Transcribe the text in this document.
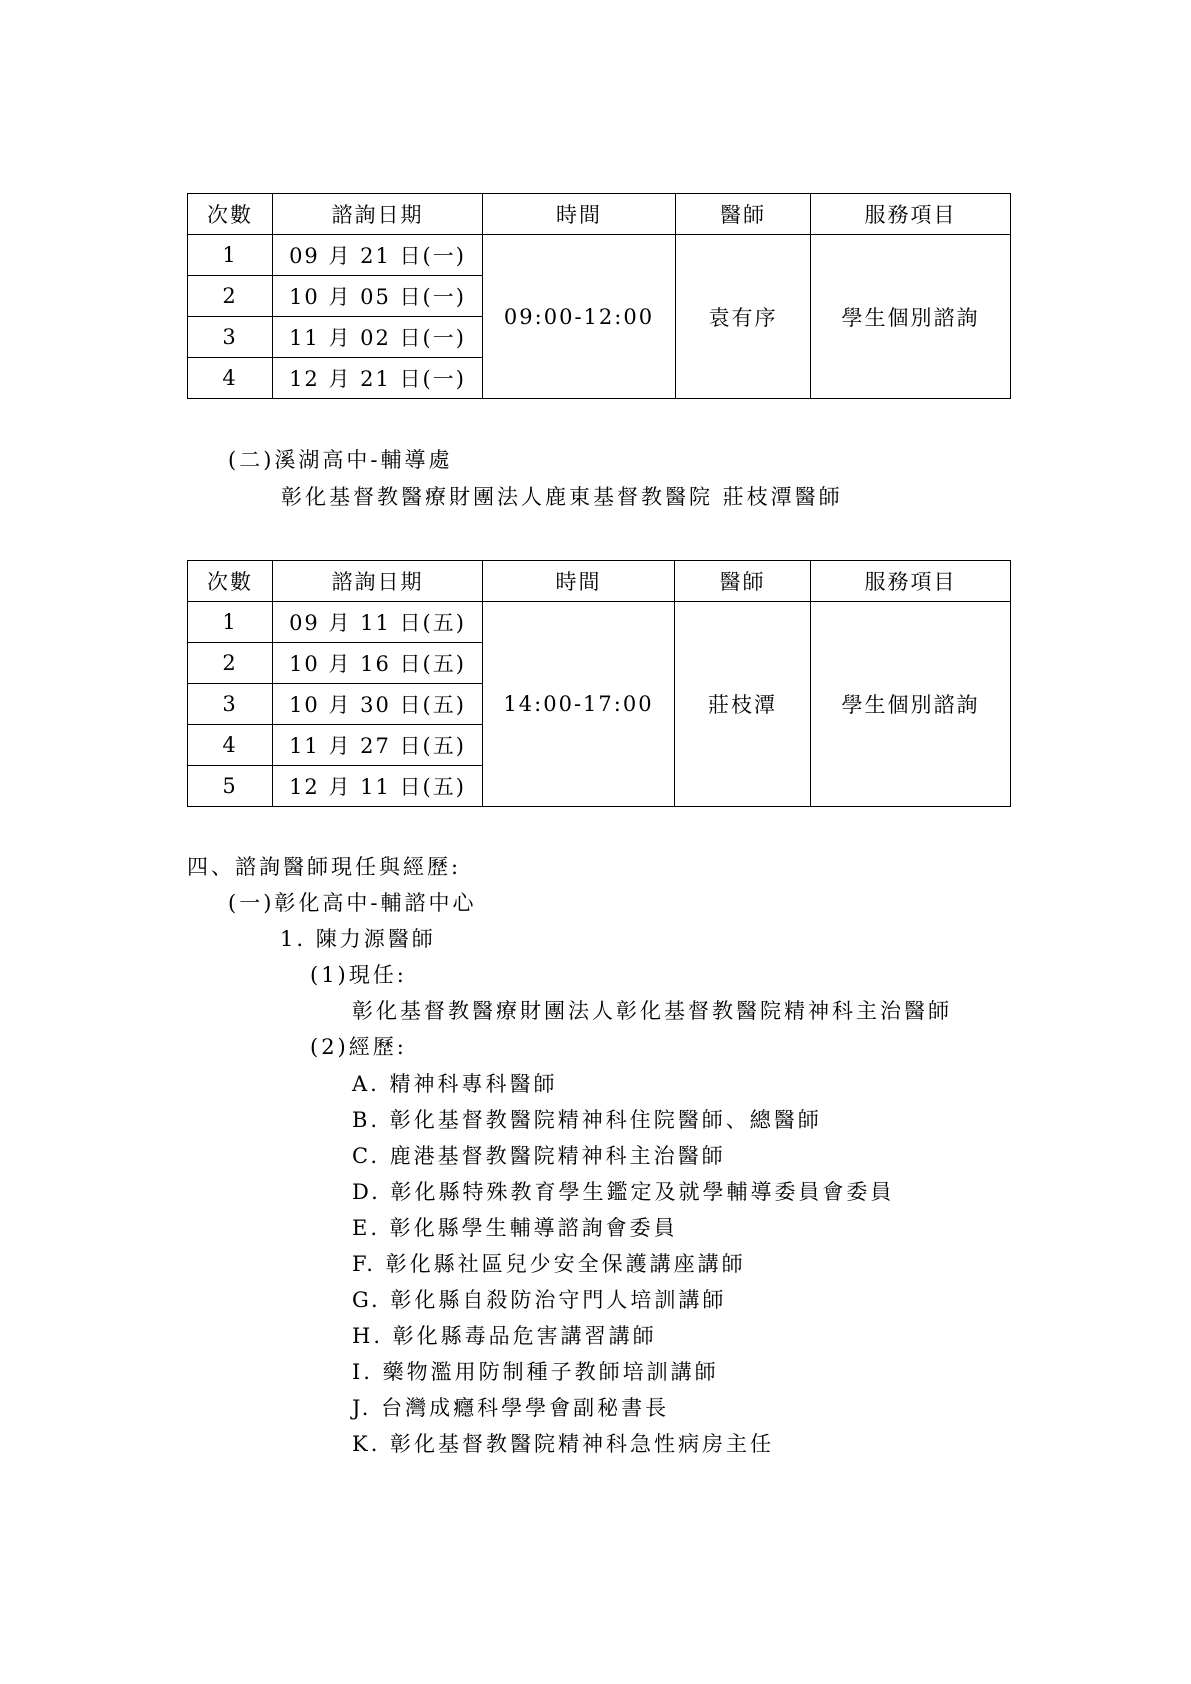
次數	諮詢日期	時間	醫師	服務項目
1	09 月 21 日(一)	09:00-12:00	袁有序	學生個別諮詢
2	10 月 05 日(一)			
3	11 月 02 日(一)			
4	12 月 21 日(一)			
(二)溪湖高中-輔導處
彰化基督教醫療財團法人鹿東基督教醫院 莊枝潭醫師
次數	諮詢日期	時間	醫師	服務項目
1	09 月 11 日(五)	14:00-17:00	莊枝潭	學生個別諮詢
2	10 月 16 日(五)			
3	10 月 30 日(五)			
4	11 月 27 日(五)			
5	12 月 11 日(五)			
四、諮詢醫師現任與經歷:
(一)彰化高中-輔諮中心
1. 陳力源醫師
(1)現任:
彰化基督教醫療財團法人彰化基督教醫院精神科主治醫師
(2)經歷:
A. 精神科專科醫師
B. 彰化基督教醫院精神科住院醫師、總醫師
C. 鹿港基督教醫院精神科主治醫師
D. 彰化縣特殊教育學生鑑定及就學輔導委員會委員
E. 彰化縣學生輔導諮詢會委員
F. 彰化縣社區兒少安全保護講座講師
G. 彰化縣自殺防治守門人培訓講師
H. 彰化縣毒品危害講習講師
I. 藥物濫用防制種子教師培訓講師
J. 台灣成癮科學學會副秘書長
K. 彰化基督教醫院精神科急性病房主任
